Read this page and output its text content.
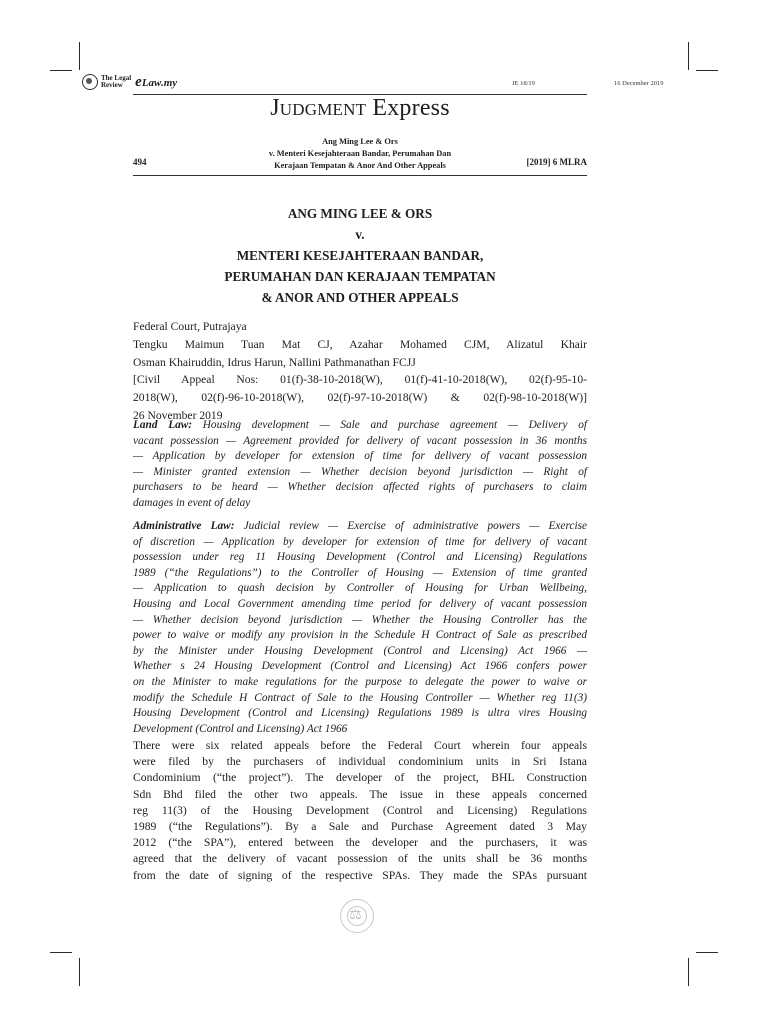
The Legal
Review eLaw.my	JE 18/19	16 December 2019
JUDGMENT Express
Ang Ming Lee & Ors
v. Menteri Kesejahteraan Bandar, Perumahan Dan
Kerajaan Tempatan & Anor And Other Appeals
494	[2019] 6 MLRA
ANG MING LEE & ORS
v.
MENTERI KESEJAHTERAAN BANDAR,
PERUMAHAN DAN KERAJAAN TEMPATAN
& ANOR AND OTHER APPEALS
Federal Court, Putrajaya
Tengku Maimun Tuan Mat CJ, Azahar Mohamed CJM, Alizatul Khair
Osman Khairuddin, Idrus Harun, Nallini Pathmanathan FCJJ
[Civil Appeal Nos: 01(f)-38-10-2018(W), 01(f)-41-10-2018(W), 02(f)-95-10-
2018(W), 02(f)-96-10-2018(W), 02(f)-97-10-2018(W) & 02(f)-98-10-2018(W)]
26 November 2019
Land Law: Housing development — Sale and purchase agreement — Delivery of
vacant possession — Agreement provided for delivery of vacant possession in 36 months
— Application by developer for extension of time for delivery of vacant possession
— Minister granted extension — Whether decision beyond jurisdiction — Right of
purchasers to be heard — Whether decision affected rights of purchasers to claim
damages in event of delay
Administrative Law: Judicial review — Exercise of administrative powers — Exercise
of discretion — Application by developer for extension of time for delivery of vacant
possession under reg 11 Housing Development (Control and Licensing) Regulations
1989 (“the Regulations”) to the Controller of Housing — Extension of time granted
— Application to quash decision by Controller of Housing for Urban Wellbeing,
Housing and Local Government amending time period for delivery of vacant possession
— Whether decision beyond jurisdiction — Whether the Housing Controller has the
power to waive or modify any provision in the Schedule H Contract of Sale as prescribed
by the Minister under Housing Development (Control and Licensing) Act 1966 —
Whether s 24 Housing Development (Control and Licensing) Act 1966 confers power
on the Minister to make regulations for the purpose to delegate the power to waive or
modify the Schedule H Contract of Sale to the Housing Controller — Whether reg 11(3)
Housing Development (Control and Licensing) Regulations 1989 is ultra vires Housing
Development (Control and Licensing) Act 1966
There were six related appeals before the Federal Court wherein four appeals
were filed by the purchasers of individual condominium units in Sri Istana
Condominium (“the project”). The developer of the project, BHL Construction
Sdn Bhd filed the other two appeals. The issue in these appeals concerned
reg 11(3) of the Housing Development (Control and Licensing) Regulations
1989 (“the Regulations”). By a Sale and Purchase Agreement dated 3 May
2012 (“the SPA”), entered between the developer and the purchasers, it was
agreed that the delivery of vacant possession of the units shall be 36 months
from the date of signing of the respective SPAs. They made the SPAs pursuant
⚖
